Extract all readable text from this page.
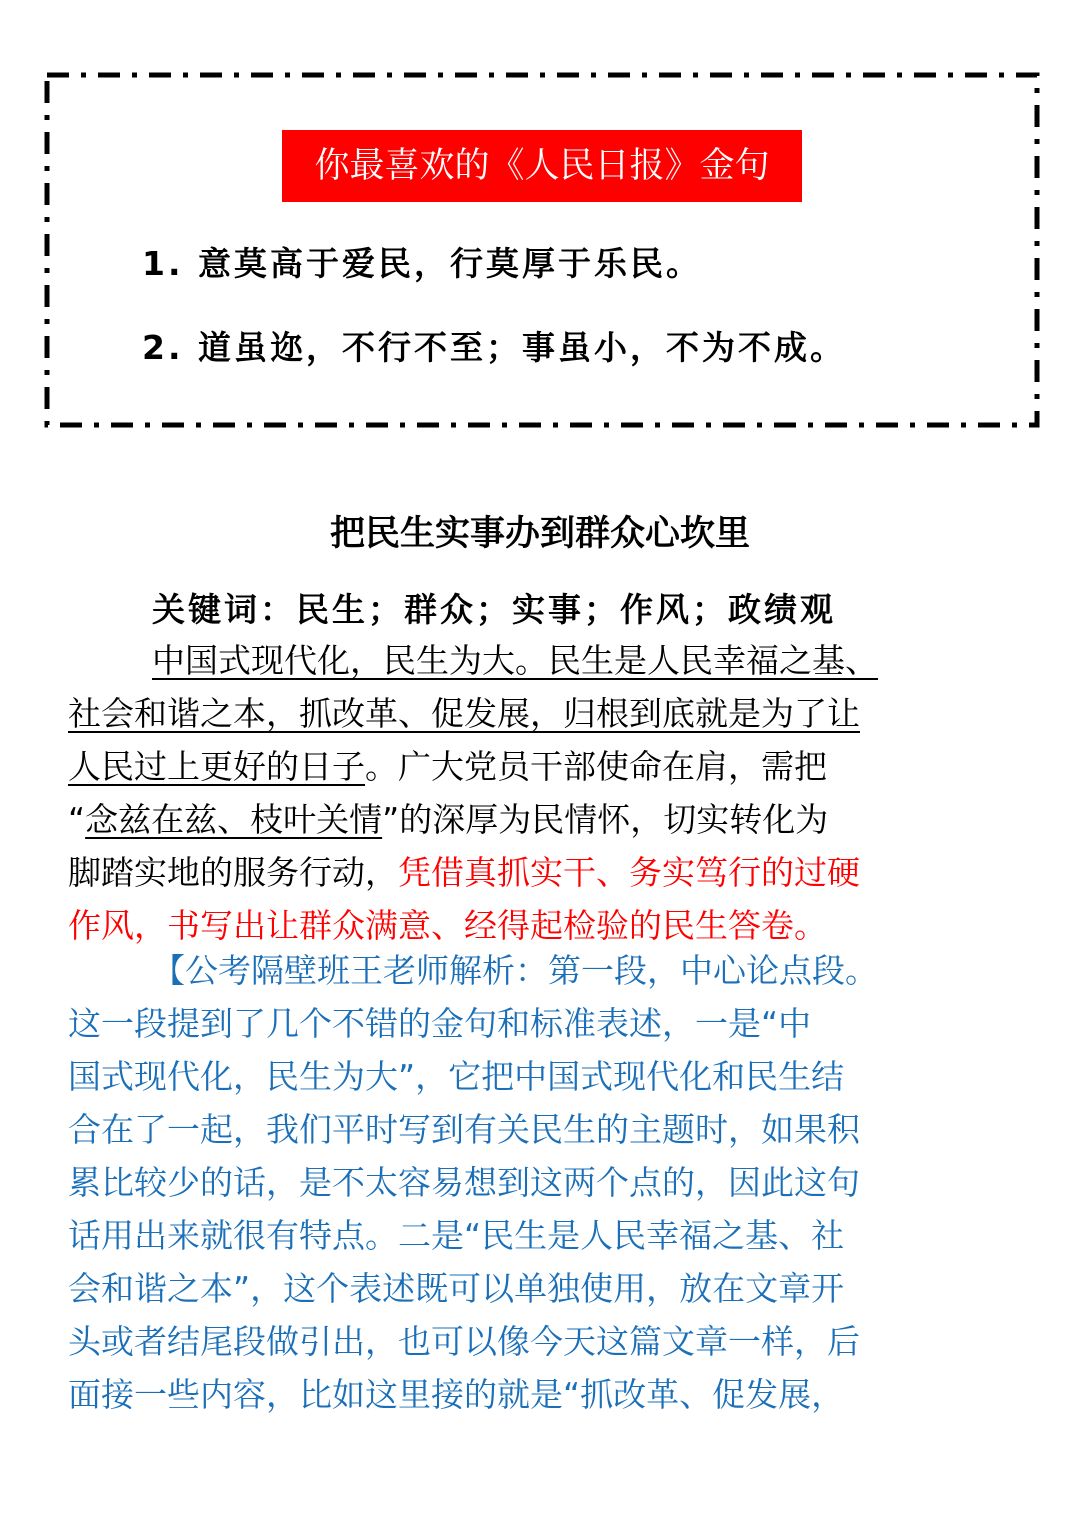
你最喜欢的《人民日报》金句
1. 意莫高于爱民，行莫厚于乐民。
2. 道虽迩，不行不至；事虽小，不为不成。
把民生实事办到群众心坎里
关键词：民生；群众；实事；作风；政绩观
中国式现代化，民生为大。民生是人民幸福之基、
社会和谐之本，抓改革、促发展，归根到底就是为了让
人民过上更好的日子。广大党员干部使命在肩，需把
“念兹在兹、枝叶关情”的深厚为民情怀，切实转化为
脚踏实地的服务行动，凭借真抓实干、务实笃行的过硬
作风，书写出让群众满意、经得起检验的民生答卷。
【公考隔壁班王老师解析：第一段，中心论点段。
这一段提到了几个不错的金句和标准表述，一是“中
国式现代化，民生为大”，它把中国式现代化和民生结
合在了一起，我们平时写到有关民生的主题时，如果积
累比较少的话，是不太容易想到这两个点的，因此这句
话用出来就很有特点。二是“民生是人民幸福之基、社
会和谐之本”，这个表述既可以单独使用，放在文章开
头或者结尾段做引出，也可以像今天这篇文章一样，后
面接一些内容，比如这里接的就是“抓改革、促发展，
